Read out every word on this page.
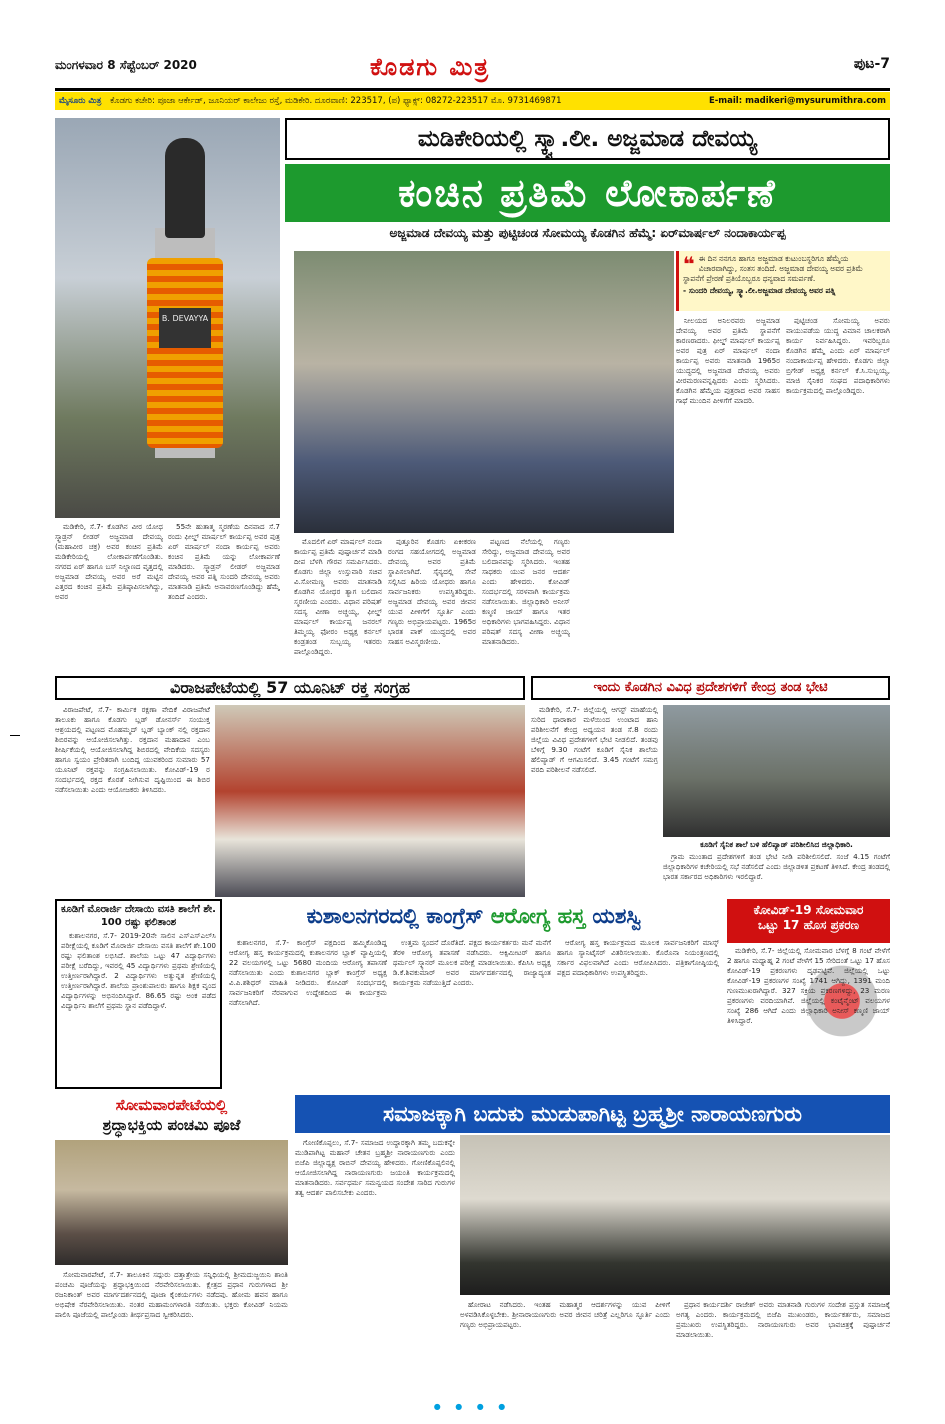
ಮಂಗಳವಾರ 8 ಸೆಪ್ಟೆಂಬರ್ 2020	ಕೊಡಗು ಮಿತ್ರ	ಪುಟ-7
ಮೈಸೂರು ಮಿತ್ರ ಕೊಡಗು ಕಚೇರಿ: ಪೂಜಾ ಆರ್ಕೇಡ್, ಜೂನಿಯರ್ ಕಾಲೇಜು ರಸ್ತೆ, ಮಡಿಕೇರಿ. ದೂರವಾಣಿ: 223517, (ಪ) ಫ್ಯಾಕ್ಸ್: 08272-223517 ಮೊ. 9731469871	E-mail: madikeri@mysurumithra.com
B. DEVAYYA
ಮಡಿಕೇರಿಯಲ್ಲಿ ಸ್ಕ್ವಾ.ಲೀ. ಅಜ್ಜಮಾಡ ದೇವಯ್ಯ
ಕಂಚಿನ ಪ್ರತಿಮೆ ಲೋಕಾರ್ಪಣೆ
ಅಜ್ಜಮಾಡ ದೇವಯ್ಯ ಮತ್ತು ಪುಟ್ಟಿಚಂಡ ಸೋಮಯ್ಯ ಕೊಡಗಿನ ಹೆಮ್ಮೆ: ಏರ್‌ಮಾರ್ಷಲ್ ನಂದಾಕಾರ್ಯಪ್ಪ
❝ ಈ ದಿನ ನನಗೂ ಹಾಗೂ ಅಜ್ಜಮಾಡ ಕುಟುಂಬಸ್ಥರಿಗೂ ಹೆಮ್ಮೆಯ ವಿಚಾರವಾಗಿದ್ದು, ಸಂತಸ ತಂದಿದೆ. ಅಜ್ಜಮಾಡ ದೇವಯ್ಯ ಅವರ ಪ್ರತಿಮೆ ಸ್ಥಾಪನೆಗೆ ಪ್ರೇರಣೆ ಪ್ರತಿಯೊಬ್ಬರೂ ಧನ್ಯವಾದ ಸಮರ್ಪಣೆ.
- ಸುಂದರಿ ದೇವಯ್ಯ, ಸ್ಕ್ವಾ.ಲೀ.ಅಜ್ಜಮಾಡ ದೇವಯ್ಯ ಅವರ ಪತ್ನಿ

ಮಡಿಕೇರಿ, ಸೆ.7- ಕೊಡಗಿನ ವೀರ ಯೋಧ ಸ್ಕ್ವಾಡ್ರನ್ ಲೀಡರ್ ಅಜ್ಜಮಾಡ ದೇವಯ್ಯ (ಮಹಾವೀರ ಚಕ್ರ) ಅವರ ಕಂಚಿನ ಪ್ರತಿಮೆ ಮಡಿಕೇರಿಯಲ್ಲಿ ಲೋಕಾರ್ಪಣೆಗೊಂಡಿತು. ನಗರದ ಏರ್ ಹಾಗೂ ಬಸ್ ನಿಲ್ದಾಣದ ವೃತ್ತದಲ್ಲಿ ಅಜ್ಜಮಾಡ ದೇವಯ್ಯ ಅವರ ಅರೆ ಮಟ್ಟಿನ ಎತ್ತರದ ಕಂಚಿನ ಪ್ರತಿಮೆ ಪ್ರತಿಷ್ಠಾಪಿಸಲಾಗಿದ್ದು, ಅವರ

55ನೇ ಹುತಾತ್ಮ ಸ್ಮರಣೆಯ ದಿನವಾದ ಸೆ.7 ರಂದು ಫೀಲ್ಡ್ ಮಾರ್ಷಲ್ ಕಾರ್ಯಪ್ಪ ಅವರ ಪುತ್ರ ಏರ್ ಮಾರ್ಷಲ್ ನಂದಾ ಕಾರ್ಯಪ್ಪ ಅವರು ಕಂಚಿನ ಪ್ರತಿಮೆ ಯನ್ನು ಲೋಕಾರ್ಪಣೆ ಮಾಡಿದರು. ಸ್ಕ್ವಾಡ್ರನ್ ಲೀಡರ್ ಅಜ್ಜಮಾಡ ದೇವಯ್ಯ ಅವರ ಪತ್ನಿ ಸುಂದರಿ ದೇವಯ್ಯ ಅವರು ಮಾತನಾಡಿ ಪ್ರತಿಮೆ ಅನಾವರಣಗೊಂಡಿದ್ದು ಹೆಮ್ಮೆ ತಂದಿದೆ ಎಂದರು.

ಮೊದಲಿಗೆ ಏರ್ ಮಾರ್ಷಲ್ ನಂದಾ ಕಾರ್ಯಪ್ಪ ಪ್ರತಿಮೆ ಪುಷ್ಪಾರ್ಚನೆ ಮಾಡಿ ದೀಪ ಬೆಳಗಿ ಗೌರವ ಸಮರ್ಪಿಸಿದರು. ಕೊಡಗು ಜಿಲ್ಲಾ ಉಸ್ತುವಾರಿ ಸಚಿವ ವಿ.ಸೋಮಣ್ಣ ಅವರು ಮಾತನಾಡಿ ಕೊಡಗಿನ ಯೋಧರ ತ್ಯಾಗ ಬಲಿದಾನ ಸ್ಮರಣೀಯ ಎಂದರು. ವಿಧಾನ ಪರಿಷತ್ ಸದಸ್ಯ ವೀಣಾ ಅಚ್ಚಯ್ಯ, ಫೀಲ್ಡ್ ಮಾರ್ಷಲ್ ಕಾರ್ಯಪ್ಪ ಜನರಲ್ ತಿಮ್ಮಯ್ಯ ಫೋರಂ ಅಧ್ಯಕ್ಷ ಕರ್ನಲ್ ಕಂಡ್ರತಂಡ ಸುಬ್ಬಯ್ಯ ಇತರರು ಪಾಲ್ಗೊಂಡಿದ್ದರು.

ಪುತ್ತೂರಿನ ಕೊಡಗು ಏಕೀಕರಣ ರಂಗದ ಸಹಯೋಗದಲ್ಲಿ ಅಜ್ಜಮಾಡ ದೇವಯ್ಯ ಅವರ ಪ್ರತಿಮೆ ಸ್ಥಾಪಿಸಲಾಗಿದೆ. ಸೈನ್ಯದಲ್ಲಿ ಸೇವೆ ಸಲ್ಲಿಸಿದ ಹಿರಿಯ ಯೋಧರು ಹಾಗೂ ಸಾರ್ವಜನಿಕರು ಉಪಸ್ಥಿತರಿದ್ದರು. ಅಜ್ಜಮಾಡ ದೇವಯ್ಯ ಅವರ ಜೀವನ ಯುವ ಪೀಳಿಗೆಗೆ ಸ್ಫೂರ್ತಿ ಎಂದು ಗಣ್ಯರು ಅಭಿಪ್ರಾಯಪಟ್ಟರು. 1965ರ ಭಾರತ ಪಾಕ್ ಯುದ್ಧದಲ್ಲಿ ಅವರ ಸಾಹಸ ಅವಿಸ್ಮರಣೀಯ.

ಪಟ್ಟಣದ ನೆಲೆಯಲ್ಲಿ ಗಣ್ಯರು ಸೇರಿದ್ದು, ಅಜ್ಜಮಾಡ ದೇವಯ್ಯ ಅವರ ಬಲಿದಾನವನ್ನು ಸ್ಮರಿಸಿದರು. ಇಂತಹ ಸಾಧಕರು ಯುವ ಜನರ ಆದರ್ಶ ಎಂದು ಹೇಳಿದರು. ಕೋವಿಡ್ ಸಂದರ್ಭದಲ್ಲಿ ಸರಳವಾಗಿ ಕಾರ್ಯಕ್ರಮ ನಡೆಸಲಾಯಿತು. ಜಿಲ್ಲಾಧಿಕಾರಿ ಅನೀಸ್ ಕಣ್ಮಣಿ ಜಾಯ್ ಹಾಗೂ ಇತರ ಅಧಿಕಾರಿಗಳು ಭಾಗವಹಿಸಿದ್ದರು. ವಿಧಾನ ಪರಿಷತ್ ಸದಸ್ಯ ವೀಣಾ ಅಚ್ಚಯ್ಯ ಮಾತನಾಡಿದರು.

ನೀಲಯದ ಅನಿಲರವರು ಅಜ್ಜಮಾಡ ದೇವಯ್ಯ ಅವರ ಪ್ರತಿಮೆ ಸ್ಥಾಪನೆಗೆ ಕಾರಣರಾದರು. ಫೀಲ್ಡ್ ಮಾರ್ಷಲ್ ಕಾರ್ಯಪ್ಪ ಅವರ ಪುತ್ರ ಏರ್ ಮಾರ್ಷಲ್ ನಂದಾ ಕಾರ್ಯಪ್ಪ ಅವರು ಮಾತನಾಡಿ 1965ರ ಯುದ್ಧದಲ್ಲಿ ಅಜ್ಜಮಾಡ ದೇವಯ್ಯ ಅವರು ವೀರಮರಣವನ್ನಪ್ಪಿದರು ಎಂದು ಸ್ಮರಿಸಿದರು. ಕೊಡಗಿನ ಹೆಮ್ಮೆಯ ಪುತ್ರರಾದ ಅವರ ಸಾಹಸ ಗಾಥೆ ಮುಂದಿನ ಪೀಳಿಗೆಗೆ ಮಾದರಿ.

ಪುಟ್ಟಿಚಂಡ ಸೋಮಯ್ಯ ಅವರು ವಾಯುಪಡೆಯ ಯುದ್ಧ ವಿಮಾನ ಚಾಲಕರಾಗಿ ಕಾರ್ಯ ನಿರ್ವಹಿಸಿದ್ದರು. ಇವರಿಬ್ಬರೂ ಕೊಡಗಿನ ಹೆಮ್ಮೆ ಎಂದು ಏರ್ ಮಾರ್ಷಲ್ ನಂದಾಕಾರ್ಯಪ್ಪ ಹೇಳಿದರು. ಕೊಡಗು ಜಿಲ್ಲಾ ಬ್ರಿಗೇಡ್ ಅಧ್ಯಕ್ಷ ಕರ್ನಲ್ ಕೆ.ಸಿ.ಸುಬ್ಬಯ್ಯ, ಮಾಜಿ ಸೈನಿಕರ ಸಂಘದ ಪದಾಧಿಕಾರಿಗಳು ಕಾರ್ಯಕ್ರಮದಲ್ಲಿ ಪಾಲ್ಗೊಂಡಿದ್ದರು.

ವಿರಾಜಪೇಟೆಯಲ್ಲಿ 57 ಯೂನಿಟ್ ರಕ್ತ ಸಂಗ್ರಹ

ವಿರಾಜಪೇಟೆ, ಸೆ.7- ಕಾರ್ಮಿಕ ರಕ್ಷಣಾ ವೇದಿಕೆ ವಿರಾಜಪೇಟೆ ತಾಲೂಕು ಹಾಗೂ ಕೊಡಗು ಬ್ಲಡ್ ಡೋನರ್ಸ್ ಸಂಯುಕ್ತ ಆಶ್ರಯದಲ್ಲಿ ಪಟ್ಟಣದ ಮೊಹಮ್ಮದ್ ಬ್ಲಡ್ ಬ್ಯಾಂಕ್ ನಲ್ಲಿ ರಕ್ತದಾನ ಶಿಬಿರವನ್ನು ಆಯೋಜಿಸಲಾಗಿತ್ತು. ರಕ್ತದಾನ ಮಹಾದಾನ ಎಂಬ ಶೀರ್ಷಿಕೆಯಲ್ಲಿ ಆಯೋಜಿಸಲಾಗಿದ್ದ ಶಿಬಿರದಲ್ಲಿ ವೇದಿಕೆಯ ಸದಸ್ಯರು ಹಾಗೂ ಸ್ವಯಂ ಪ್ರೇರಿತರಾಗಿ ಬಂದಿದ್ದ ಯುವಕರಿಂದ ಸುಮಾರು 57 ಯೂನಿಟ್ ರಕ್ತವನ್ನು ಸಂಗ್ರಹಿಸಲಾಯಿತು. ಕೋವಿಡ್-19 ರ ಸಂದರ್ಭದಲ್ಲಿ ರಕ್ತದ ಕೊರತೆ ನೀಗಿಸುವ ದೃಷ್ಟಿಯಿಂದ ಈ ಶಿಬಿರ ನಡೆಸಲಾಯಿತು ಎಂದು ಆಯೋಜಕರು ತಿಳಿಸಿದರು.

ಇಂದು ಕೊಡಗಿನ ವಿವಿಧ ಪ್ರದೇಶಗಳಿಗೆ ಕೇಂದ್ರ ತಂಡ ಭೇಟಿ

ಮಡಿಕೇರಿ, ಸೆ.7- ಜಿಲ್ಲೆಯಲ್ಲಿ ಆಗಸ್ಟ್ ಮಾಹೆಯಲ್ಲಿ ಸುರಿದ ಧಾರಾಕಾರ ಮಳೆಯಿಂದ ಉಂಟಾದ ಹಾನಿ ಪರಿಶೀಲನೆಗೆ ಕೇಂದ್ರ ಅಧ್ಯಯನ ತಂಡ ಸೆ.8 ರಂದು ಜಿಲ್ಲೆಯ ವಿವಿಧ ಪ್ರದೇಶಗಳಿಗೆ ಭೇಟಿ ನೀಡಲಿದೆ. ತಂಡವು ಬೆಳಿಗ್ಗೆ 9.30 ಗಂಟೆಗೆ ಕೂಡಿಗೆ ಸೈನಿಕ ಶಾಲೆಯ ಹೆಲಿಪ್ಯಾಡ್ ಗೆ ಆಗಮಿಸಲಿದೆ. 3.45 ಗಂಟೆಗೆ ಸಮಗ್ರ ವರದಿ ಪರಿಶೀಲನೆ ನಡೆಸಲಿದೆ.

ಕೂಡಿಗೆ ಸೈನಿಕ ಶಾಲೆ ಬಳಿ ಹೆಲಿಪ್ಯಾಡ್ ಪರಿಶೀಲಿಸಿದ ಜಿಲ್ಲಾಧಿಕಾರಿ.

ಗ್ರಾಮ ಮುಂತಾದ ಪ್ರದೇಶಗಳಿಗೆ ತಂಡ ಭೇಟಿ ನೀಡಿ ಪರಿಶೀಲಿಸಲಿದೆ. ಸಂಜೆ 4.15 ಗಂಟೆಗೆ ಜಿಲ್ಲಾಧಿಕಾರಿಗಳ ಕಚೇರಿಯಲ್ಲಿ ಸಭೆ ನಡೆಸಲಿದೆ ಎಂದು ಜಿಲ್ಲಾಡಳಿತ ಪ್ರಕಟಣೆ ತಿಳಿಸಿದೆ. ಕೇಂದ್ರ ತಂಡದಲ್ಲಿ ಭಾರತ ಸರ್ಕಾರದ ಅಧಿಕಾರಿಗಳು ಇರಲಿದ್ದಾರೆ.

ಕೂಡಿಗೆ ಮೊರಾರ್ಜಿ ದೇಸಾಯಿ ವಸತಿ ಶಾಲೆಗೆ ಶೇ. 100 ರಷ್ಟು ಫಲಿತಾಂಶ

ಕುಶಾಲನಗರ, ಸೆ.7- 2019-20ನೇ ಸಾಲಿನ ಎಸ್ಎಸ್ಎಲ್‌ಸಿ ಪರೀಕ್ಷೆಯಲ್ಲಿ ಕೂಡಿಗೆ ಮೊರಾರ್ಜಿ ದೇಸಾಯಿ ವಸತಿ ಶಾಲೆಗೆ ಶೇ.100 ರಷ್ಟು ಫಲಿತಾಂಶ ಲಭಿಸಿದೆ. ಶಾಲೆಯ ಒಟ್ಟು 47 ವಿದ್ಯಾರ್ಥಿಗಳು ಪರೀಕ್ಷೆ ಬರೆದಿದ್ದು, ಇವರಲ್ಲಿ 45 ವಿದ್ಯಾರ್ಥಿಗಳು ಪ್ರಥಮ ಶ್ರೇಣಿಯಲ್ಲಿ ಉತ್ತೀರ್ಣರಾಗಿದ್ದಾರೆ. 2 ವಿದ್ಯಾರ್ಥಿಗಳು ಅತ್ಯುನ್ನತ ಶ್ರೇಣಿಯಲ್ಲಿ ಉತ್ತೀರ್ಣರಾಗಿದ್ದಾರೆ. ಶಾಲೆಯ ಪ್ರಾಂಶುಪಾಲರು ಹಾಗೂ ಶಿಕ್ಷಕ ವೃಂದ ವಿದ್ಯಾರ್ಥಿಗಳನ್ನು ಅಭಿನಂದಿಸಿದ್ದಾರೆ. 86.65 ರಷ್ಟು ಅಂಕ ಪಡೆದ ವಿದ್ಯಾರ್ಥಿನಿ ಶಾಲೆಗೆ ಪ್ರಥಮ ಸ್ಥಾನ ಪಡೆದಿದ್ದಾಳೆ.

ಕುಶಾಲನಗರದಲ್ಲಿ ಕಾಂಗ್ರೆಸ್ ಆರೋಗ್ಯ ಹಸ್ತ ಯಶಸ್ವಿ

ಕುಶಾಲನಗರ, ಸೆ.7- ಕಾಂಗ್ರೆಸ್ ಪಕ್ಷದಿಂದ ಹಮ್ಮಿಕೊಂಡಿದ್ದ ಆರೋಗ್ಯ ಹಸ್ತ ಕಾರ್ಯಕ್ರಮದಲ್ಲಿ ಕುಶಾಲನಗರ ಬ್ಲಾಕ್ ವ್ಯಾಪ್ತಿಯಲ್ಲಿ 22 ವಲಯಗಳಲ್ಲಿ ಒಟ್ಟು 5680 ಮಂದಿಯ ಆರೋಗ್ಯ ತಪಾಸಣೆ ನಡೆಸಲಾಯಿತು ಎಂದು ಕುಶಾಲನಗರ ಬ್ಲಾಕ್ ಕಾಂಗ್ರೆಸ್ ಅಧ್ಯಕ್ಷ ವಿ.ಪಿ.ಶಶಿಧರ್ ಮಾಹಿತಿ ನೀಡಿದರು. ಕೋವಿಡ್ ಸಂದರ್ಭದಲ್ಲಿ ಸಾರ್ವಜನಿಕರಿಗೆ ನೆರವಾಗುವ ಉದ್ದೇಶದಿಂದ ಈ ಕಾರ್ಯಕ್ರಮ ನಡೆಸಲಾಗಿದೆ.

ಉತ್ತಮ ಸ್ಪಂದನೆ ದೊರೆತಿದೆ. ಪಕ್ಷದ ಕಾರ್ಯಕರ್ತರು ಮನೆ ಮನೆಗೆ ತೆರಳಿ ಆರೋಗ್ಯ ತಪಾಸಣೆ ನಡೆಸಿದರು. ಆಕ್ಸಿಮೀಟರ್ ಹಾಗೂ ಥರ್ಮಲ್ ಸ್ಕ್ಯಾನರ್ ಮೂಲಕ ಪರೀಕ್ಷೆ ಮಾಡಲಾಯಿತು. ಕೆಪಿಸಿಸಿ ಅಧ್ಯಕ್ಷ ಡಿ.ಕೆ.ಶಿವಕುಮಾರ್ ಅವರ ಮಾರ್ಗದರ್ಶನದಲ್ಲಿ ರಾಜ್ಯಾದ್ಯಂತ ಕಾರ್ಯಕ್ರಮ ನಡೆಯುತ್ತಿದೆ ಎಂದರು.

ಆರೋಗ್ಯ ಹಸ್ತ ಕಾರ್ಯಕ್ರಮದ ಮೂಲಕ ಸಾರ್ವಜನಿಕರಿಗೆ ಮಾಸ್ಕ್ ಹಾಗೂ ಸ್ಯಾನಿಟೈಸರ್ ವಿತರಿಸಲಾಯಿತು. ಕೊರೊನಾ ನಿಯಂತ್ರಣದಲ್ಲಿ ಸರ್ಕಾರ ವಿಫಲವಾಗಿದೆ ಎಂದು ಆರೋಪಿಸಿದರು. ಪತ್ರಿಕಾಗೋಷ್ಠಿಯಲ್ಲಿ ಪಕ್ಷದ ಪದಾಧಿಕಾರಿಗಳು ಉಪಸ್ಥಿತರಿದ್ದರು.

ಕೋವಿಡ್-19 ಸೋಮವಾರ
ಒಟ್ಟು 17 ಹೊಸ ಪ್ರಕರಣ

ಮಡಿಕೇರಿ, ಸೆ.7- ಜಿಲ್ಲೆಯಲ್ಲಿ ಸೋಮವಾರ ಬೆಳಗ್ಗೆ 8 ಗಂಟೆ ವೇಳೆಗೆ 2 ಹಾಗೂ ಮಧ್ಯಾಹ್ನ 2 ಗಂಟೆ ವೇಳೆಗೆ 15 ಸೇರಿದಂತೆ ಒಟ್ಟು 17 ಹೊಸ ಕೋವಿಡ್-19 ಪ್ರಕರಣಗಳು ದೃಢಪಟ್ಟಿವೆ. ಜಿಲ್ಲೆಯಲ್ಲಿ ಒಟ್ಟು ಕೋವಿಡ್-19 ಪ್ರಕರಣಗಳ ಸಂಖ್ಯೆ 1741 ಆಗಿದ್ದು, 1391 ಮಂದಿ ಗುಣಮುಖರಾಗಿದ್ದಾರೆ. 327 ಸಕ್ರಿಯ ಪ್ರಕರಣಗಳಿದ್ದು, 23 ಮರಣ ಪ್ರಕರಣಗಳು ವರದಿಯಾಗಿವೆ. ಜಿಲ್ಲೆಯಲ್ಲಿ ಕಂಟೈನ್ಮೆಂಟ್ ವಲಯಗಳ ಸಂಖ್ಯೆ 286 ಆಗಿದೆ ಎಂದು ಜಿಲ್ಲಾಧಿಕಾರಿ ಅನೀಸ್ ಕಣ್ಮಣಿ ಜಾಯ್ ತಿಳಿಸಿದ್ದಾರೆ.

ಸೋಮವಾರಪೇಟೆಯಲ್ಲಿ
ಶ್ರದ್ಧಾಭಕ್ತಿಯ ಪಂಚಮಿ ಪೂಜೆ

ಸೋಮವಾರಪೇಟೆ, ಸೆ.7- ತಾಲೂಕಿನ ಸದ್ಗುರು ದತ್ತಾತ್ರೇಯ ಸನ್ನಿಧಿಯಲ್ಲಿ ಶ್ರೀಮದುಜ್ಜಯಿನಿ ಶಾಂತಿ ಪಂಚಮಿ ಪೂಜೆಯನ್ನು ಶ್ರದ್ಧಾಭಕ್ತಿಯಿಂದ ನೆರವೇರಿಸಲಾಯಿತು. ಕ್ಷೇತ್ರದ ಪ್ರಧಾನ ಗುರುಗಳಾದ ಶ್ರೀ ರಜನಿಕಾಂತ್ ಅವರ ಮಾರ್ಗದರ್ಶನದಲ್ಲಿ ಪೂಜಾ ಕೈಂಕರ್ಯಗಳು ನಡೆದವು. ಹೋಮ ಹವನ ಹಾಗೂ ಅಭಿಷೇಕ ನೆರವೇರಿಸಲಾಯಿತು. ನಂತರ ಮಹಾಮಂಗಳಾರತಿ ನಡೆಯಿತು. ಭಕ್ತರು ಕೋವಿಡ್ ನಿಯಮ ಪಾಲಿಸಿ ಪೂಜೆಯಲ್ಲಿ ಪಾಲ್ಗೊಂಡು ತೀರ್ಥಪ್ರಸಾದ ಸ್ವೀಕರಿಸಿದರು.

ಸಮಾಜಕ್ಕಾಗಿ ಬದುಕು ಮುಡುಪಾಗಿಟ್ಟ ಬ್ರಹ್ಮಶ್ರೀ ನಾರಾಯಣಗುರು

ಗೋಣಿಕೊಪ್ಪಲು, ಸೆ.7- ಸಮಾಜದ ಉದ್ಧಾರಕ್ಕಾಗಿ ತಮ್ಮ ಬದುಕನ್ನೇ ಮುಡಿಪಾಗಿಟ್ಟ ಮಹಾನ್ ಚೇತನ ಬ್ರಹ್ಮಶ್ರೀ ನಾರಾಯಣಗುರು ಎಂದು ಬಿಜೆಪಿ ಜಿಲ್ಲಾಧ್ಯಕ್ಷ ರಾಬಿನ್ ದೇವಯ್ಯ ಹೇಳಿದರು. ಗೋಣಿಕೊಪ್ಪಲಿನಲ್ಲಿ ಆಯೋಜಿಸಲಾಗಿದ್ದ ನಾರಾಯಣಗುರು ಜಯಂತಿ ಕಾರ್ಯಕ್ರಮದಲ್ಲಿ ಮಾತನಾಡಿದರು. ಸರ್ವಧರ್ಮ ಸಮನ್ವಯದ ಸಂದೇಶ ಸಾರಿದ ಗುರುಗಳ ತತ್ವ ಆದರ್ಶ ಪಾಲಿಸಬೇಕು ಎಂದರು.

ಹೋರಾಟ ನಡೆಸಿದರು. ಇಂತಹ ಮಹಾತ್ಮರ ಆದರ್ಶಗಳನ್ನು ಯುವ ಪೀಳಿಗೆ ಅಳವಡಿಸಿಕೊಳ್ಳಬೇಕು. ಶ್ರೀನಾರಾಯಣಗುರು ಅವರ ಜೀವನ ಚರಿತ್ರೆ ಎಲ್ಲರಿಗೂ ಸ್ಫೂರ್ತಿ ಎಂದು ಗಣ್ಯರು ಅಭಿಪ್ರಾಯಪಟ್ಟರು.

ಪ್ರಧಾನ ಕಾರ್ಯದರ್ಶಿ ರಾಜೇಶ್ ಅವರು ಮಾತನಾಡಿ ಗುರುಗಳ ಸಂದೇಶ ಪ್ರಸ್ತುತ ಸಮಾಜಕ್ಕೆ ಅಗತ್ಯ ಎಂದರು. ಕಾರ್ಯಕ್ರಮದಲ್ಲಿ ಬಿಜೆಪಿ ಮುಖಂಡರು, ಕಾರ್ಯಕರ್ತರು, ಸಮಾಜದ ಪ್ರಮುಖರು ಉಪಸ್ಥಿತರಿದ್ದರು. ನಾರಾಯಣಗುರು ಅವರ ಭಾವಚಿತ್ರಕ್ಕೆ ಪುಷ್ಪಾರ್ಚನೆ ಮಾಡಲಾಯಿತು.

● ● ● ●
